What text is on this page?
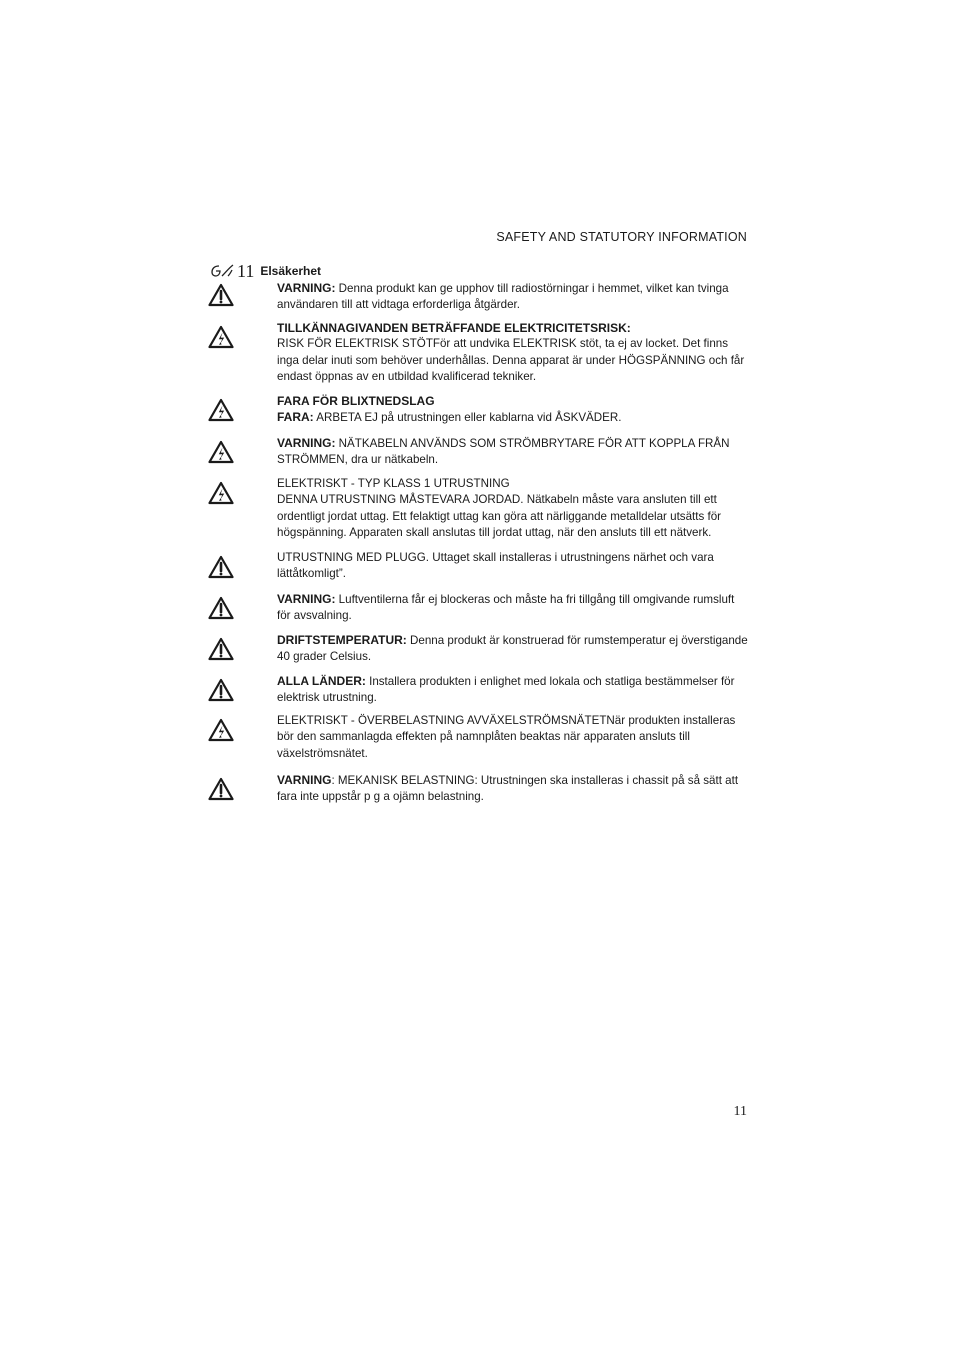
SAFETY AND STATUTORY INFORMATION
11 Elsäkerhet
VARNING: Denna produkt kan ge upphov till radiostörningar i hemmet, vilket kan tvinga användaren till att vidtaga erforderliga åtgärder.
TILLKÄNNAGIVANDEN BETRÄFFANDE ELEKTRICITETSRISK:
RISK FÖR ELEKTRISK STÖTFör att undvika ELEKTRISK stöt, ta ej av locket. Det finns inga delar inuti som behöver underhållas. Denna apparat är under HÖGSPÄNNING och får endast öppnas av en utbildad kvalificerad tekniker.
FARA FÖR BLIXTNEDSLAG
FARA: ARBETA EJ på utrustningen eller kablarna vid ÅSKVÄDER.
VARNING: NÄTKABELN ANVÄNDS SOM STRÖMBRYTARE FÖR ATT KOPPLA FRÅN STRÖMMEN, dra ur nätkabeln.
ELEKTRISKT - TYP KLASS 1 UTRUSTNING
DENNA UTRUSTNING MÅSTEVARA JORDAD. Nätkabeln måste vara ansluten till ett ordentligt jordat uttag. Ett felaktigt uttag kan göra att närliggande metalldelar utsätts för högspänning. Apparaten skall anslutas till jordat uttag, när den ansluts till ett nätverk.
UTRUSTNING MED PLUGG. Uttaget skall installeras i utrustningens närhet och vara lättåtkomligt”.
VARNING: Luftventilerna får ej blockeras och måste ha fri tillgång till omgivande rumsluft för avsvalning.
DRIFTSTEMPERATUR: Denna produkt är konstruerad för rumstemperatur ej överstigande 40 grader Celsius.
ALLA LÄNDER: Installera produkten i enlighet med lokala och statliga bestämmelser för elektrisk utrustning.
ELEKTRISKT - ÖVERBELASTNING AVVÄXELSTRÖMSNÄTETNär produkten installeras bör den sammanlagda effekten på namnplåten beaktas när apparaten ansluts till växelströmsnätet.
VARNING: MEKANISK BELASTNING: Utrustningen ska installeras i chassit på så sätt att fara inte uppstår p g a ojämn belastning.
11
